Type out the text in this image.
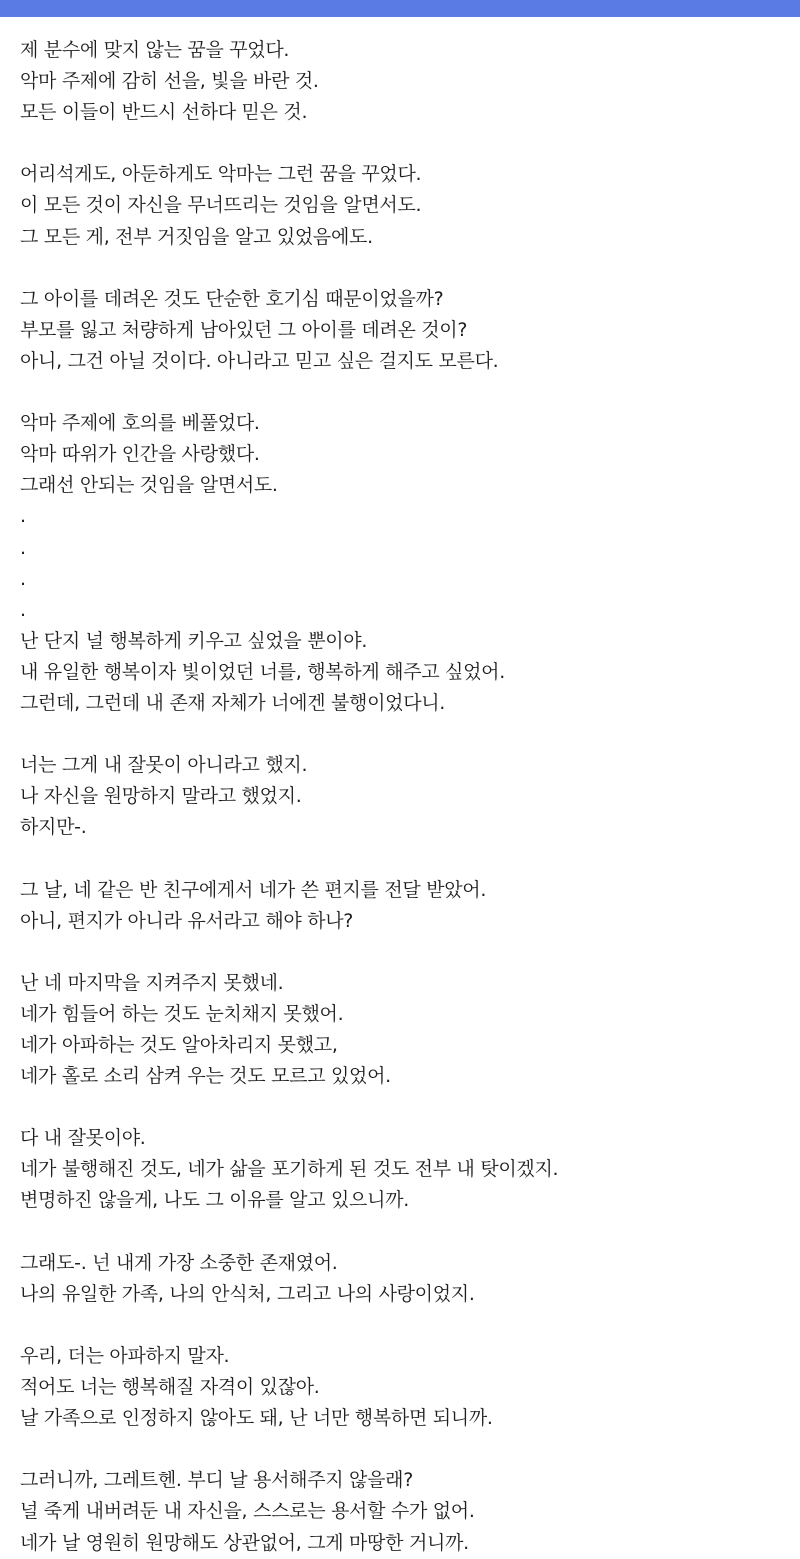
제 분수에 맞지 않는 꿈을 꾸었다.
악마 주제에 감히 선을, 빛을 바란 것.
모든 이들이 반드시 선하다 믿은 것.
어리석게도, 아둔하게도 악마는 그런 꿈을 꾸었다.
이 모든 것이 자신을 무너뜨리는 것임을 알면서도.
그 모든 게, 전부 거짓임을 알고 있었음에도.
그 아이를 데려온 것도 단순한 호기심 때문이었을까?
부모를 잃고 처량하게 남아있던 그 아이를 데려온 것이?
아니, 그건 아닐 것이다. 아니라고 믿고 싶은 걸지도 모른다.
악마 주제에 호의를 베풀었다.
악마 따위가 인간을 사랑했다.
그래선 안되는 것임을 알면서도.
.
.
.
.
난 단지 널 행복하게 키우고 싶었을 뿐이야.
내 유일한 행복이자 빛이었던 너를, 행복하게 해주고 싶었어.
그런데, 그런데 내 존재 자체가 너에겐 불행이었다니.
너는 그게 내 잘못이 아니라고 했지.
나 자신을 원망하지 말라고 했었지.
하지만-.
그 날, 네 같은 반 친구에게서 네가 쓴 편지를 전달 받았어.
아니, 편지가 아니라 유서라고 해야 하나?
난 네 마지막을 지켜주지 못했네.
네가 힘들어 하는 것도 눈치채지 못했어.
네가 아파하는 것도 알아차리지 못했고,
네가 홀로 소리 삼켜 우는 것도 모르고 있었어.
다 내 잘못이야.
네가 불행해진 것도, 네가 삶을 포기하게 된 것도 전부 내 탓이겠지.
변명하진 않을게, 나도 그 이유를 알고 있으니까.
그래도-. 넌 내게 가장 소중한 존재였어.
나의 유일한 가족, 나의 안식처, 그리고 나의 사랑이었지.
우리, 더는 아파하지 말자.
적어도 너는 행복해질 자격이 있잖아.
날 가족으로 인정하지 않아도 돼, 난 너만 행복하면 되니까.
그러니까, 그레트헨. 부디 날 용서해주지 않을래?
널 죽게 내버려둔 내 자신을, 스스로는 용서할 수가 없어.
네가 날 영원히 원망해도 상관없어, 그게 마땅한 거니까.
